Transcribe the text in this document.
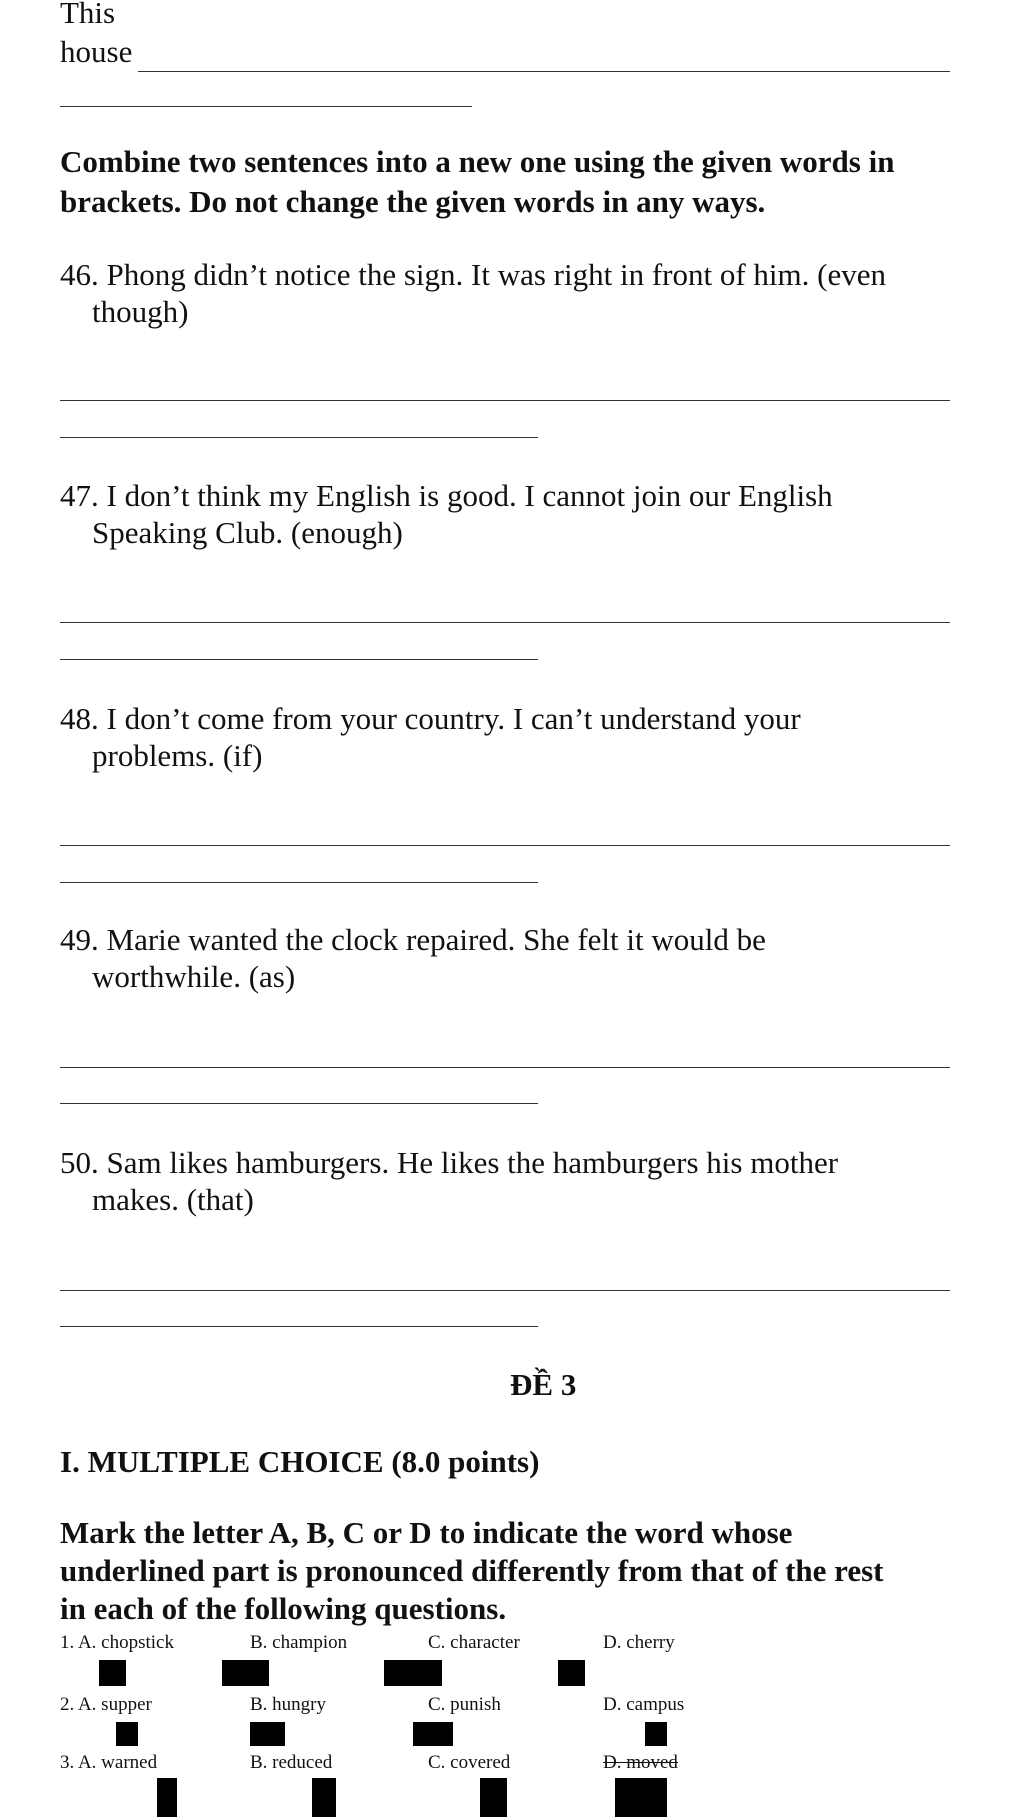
This
house
Combine two sentences into a new one using the given words in
brackets. Do not change the given words in any ways.
46. Phong didn’t notice the sign. It was right in front of him. (even
though)
47. I don’t think my English is good. I cannot join our English
Speaking Club. (enough)
48. I don’t come from your country. I can’t understand your
problems. (if)
49. Marie wanted the clock repaired. She felt it would be
worthwhile. (as)
50. Sam likes hamburgers. He likes the hamburgers his mother
makes. (that)
ĐỀ 3
I. MULTIPLE CHOICE (8.0 points)
Mark the letter A, B, C or D to indicate the word whose
underlined part is pronounced differently from that of the rest
in each of the following questions.
1. A. chopstick	B. champion	C. character	D. cherry
2. A. supper	B. hungry	C. punish	D. campus
3. A. warned	B. reduced	C. covered	D. moved
